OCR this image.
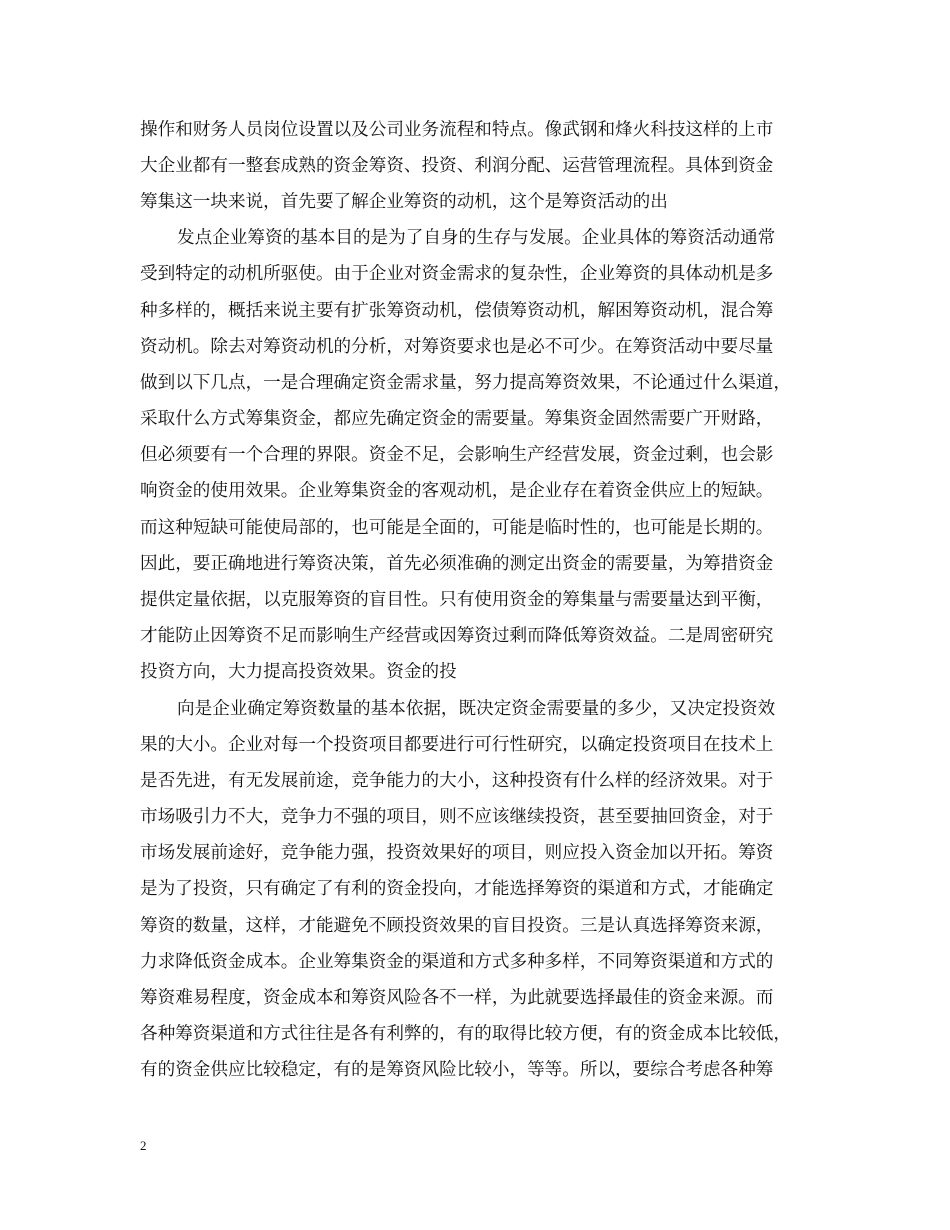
操作和财务人员岗位设置以及公司业务流程和特点。像武钢和烽火科技这样的上市

大企业都有一整套成熟的资金筹资、投资、利润分配、运营管理流程。具体到资金

筹集这一块来说，首先要了解企业筹资的动机，这个是筹资活动的出

发点企业筹资的基本目的是为了自身的生存与发展。企业具体的筹资活动通常

受到特定的动机所驱使。由于企业对资金需求的复杂性，企业筹资的具体动机是多

种多样的，概括来说主要有扩张筹资动机，偿债筹资动机，解困筹资动机，混合筹

资动机。除去对筹资动机的分析，对筹资要求也是必不可少。在筹资活动中要尽量

做到以下几点，一是合理确定资金需求量，努力提高筹资效果，不论通过什么渠道，

采取什么方式筹集资金，都应先确定资金的需要量。筹集资金固然需要广开财路，

但必须要有一个合理的界限。资金不足，会影响生产经营发展，资金过剩，也会影

响资金的使用效果。企业筹集资金的客观动机，是企业存在着资金供应上的短缺。

而这种短缺可能使局部的，也可能是全面的，可能是临时性的，也可能是长期的。

因此，要正确地进行筹资决策，首先必须准确的测定出资金的需要量，为筹措资金

提供定量依据，以克服筹资的盲目性。只有使用资金的筹集量与需要量达到平衡，

才能防止因筹资不足而影响生产经营或因筹资过剩而降低筹资效益。二是周密研究

投资方向，大力提高投资效果。资金的投

向是企业确定筹资数量的基本依据，既决定资金需要量的多少，又决定投资效

果的大小。企业对每一个投资项目都要进行可行性研究，以确定投资项目在技术上

是否先进，有无发展前途，竞争能力的大小，这种投资有什么样的经济效果。对于

市场吸引力不大，竞争力不强的项目，则不应该继续投资，甚至要抽回资金，对于

市场发展前途好，竞争能力强，投资效果好的项目，则应投入资金加以开拓。筹资

是为了投资，只有确定了有利的资金投向，才能选择筹资的渠道和方式，才能确定

筹资的数量，这样，才能避免不顾投资效果的盲目投资。三是认真选择筹资来源，

力求降低资金成本。企业筹集资金的渠道和方式多种多样，不同筹资渠道和方式的

筹资难易程度，资金成本和筹资风险各不一样，为此就要选择最佳的资金来源。而

各种筹资渠道和方式往往是各有利弊的，有的取得比较方便，有的资金成本比较低，

有的资金供应比较稳定，有的是筹资风险比较小，等等。所以，要综合考虑各种筹

2
